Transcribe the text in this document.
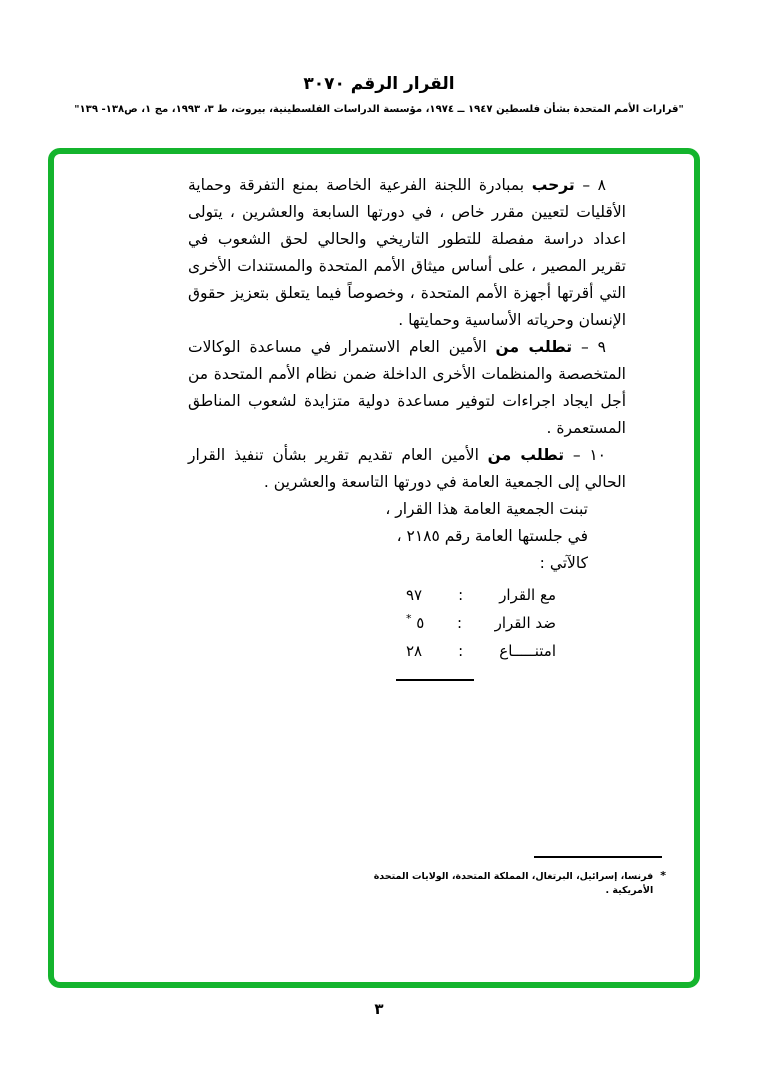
القرار الرقم ٣٠٧٠
"قرارات الأمم المتحدة بشأن فلسطين ١٩٤٧ ــ ١٩٧٤، مؤسسة الدراسات الفلسطينية، بيروت، ط ٣، ١٩٩٣، مج ١، ص١٣٨- ١٣٩"

٨ – ترحب بمبادرة اللجنة الفرعية الخاصة بمنع التفرقة وحماية الأقليات لتعيين مقرر خاص ، في دورتها السابعة والعشرين ، يتولى اعداد دراسة مفصلة للتطور التاريخي والحالي لحق الشعوب في تقرير المصير ، على أساس ميثاق الأمم المتحدة والمستندات الأخرى التي أقرتها أجهزة الأمم المتحدة ، وخصوصاً فيما يتعلق بتعزيز حقوق الإنسان وحرياته الأساسية وحمايتها .

٩ – تطلب من الأمين العام الاستمرار في مساعدة الوكالات المتخصصة والمنظمات الأخرى الداخلة ضمن نظام الأمم المتحدة من أجل ايجاد اجراءات لتوفير مساعدة دولية متزايدة لشعوب المناطق المستعمرة .

١٠ – تطلب من الأمين العام تقديم تقرير بشأن تنفيذ القرار الحالي إلى الجمعية العامة في دورتها التاسعة والعشرين .

تبنت الجمعية العامة هذا القرار ،
في جلستها العامة رقم ٢١٨٥ ،
كالآتي :
مع القرار
:
٩٧
ضد القرار
:
٥ *
امتنـــــاع
:
٢٨
*
فرنسا، إسرائيل، البرتغال، المملكة المتحدة، الولايات المتحدة الأمريكية .
٣
